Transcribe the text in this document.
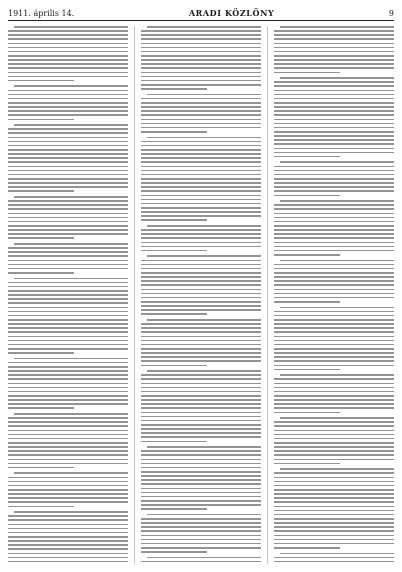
1911. április 14.	ARADI KÖZLÖNY	9
